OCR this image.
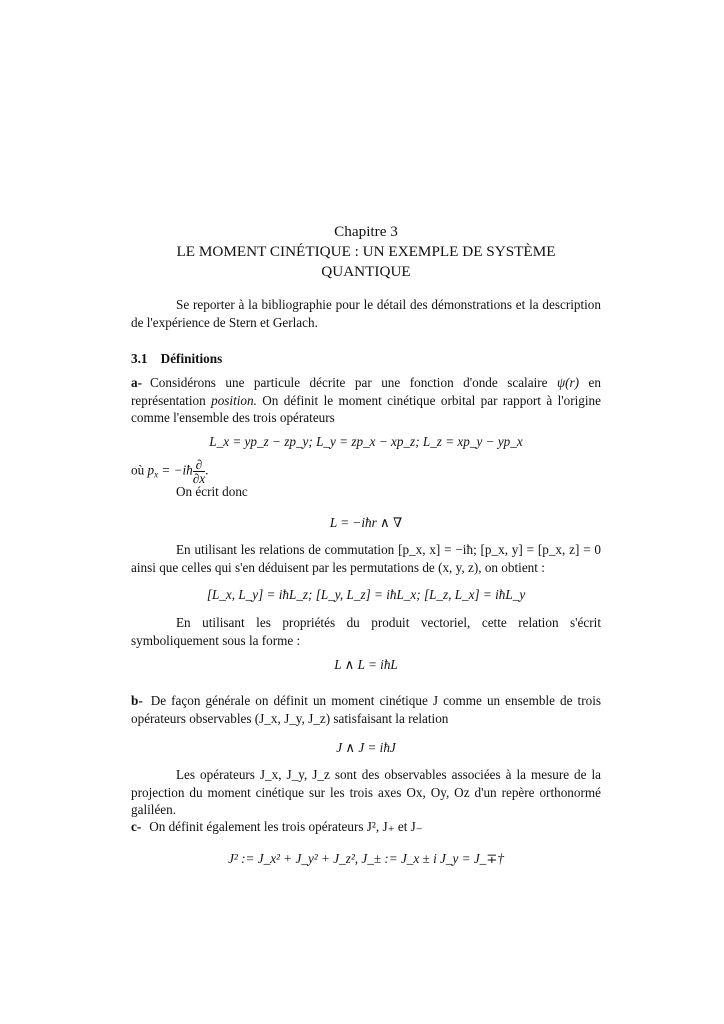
Chapitre 3
LE MOMENT CINÉTIQUE : UN EXEMPLE DE SYSTÈME
QUANTIQUE
Se reporter à la bibliographie pour le détail des démonstrations et la description de l'expérience de Stern et Gerlach.
3.1 Définitions
a- Considérons une particule décrite par une fonction d'onde scalaire ψ(r) en représentation position. On définit le moment cinétique orbital par rapport à l'origine comme l'ensemble des trois opérateurs
L_x = yp_z − zp_y; L_y = zp_x − xp_z; L_z = xp_y − yp_x
où $p_x$ = −iħ $\frac{\partial}{\partial x}$ .
On écrit donc
L = −iħr ∧ ∇
En utilisant les relations de commutation [p_x, x] = −iħ; [p_x, y] = [p_x, z] = 0 ainsi que celles qui s'en déduisent par les permutations de (x, y, z), on obtient :
[L_x, L_y] = iħL_z; [L_y, L_z] = iħL_x; [L_z, L_x] = iħL_y
En utilisant les propriétés du produit vectoriel, cette relation s'écrit symboliquement sous la forme :
L ∧ L = iħL
b- De façon générale on définit un moment cinétique J comme un ensemble de trois opérateurs observables (J_x, J_y, J_z) satisfaisant la relation
J ∧ J = iħJ
Les opérateurs J_x, J_y, J_z sont des observables associées à la mesure de la projection du moment cinétique sur les trois axes Ox, Oy, Oz d'un repère orthonormé galiléen.
c- On définit également les trois opérateurs J², J₊ et J₋
J² := J_x² + J_y² + J_z², J_± := J_x ± i J_y = J_∓†
